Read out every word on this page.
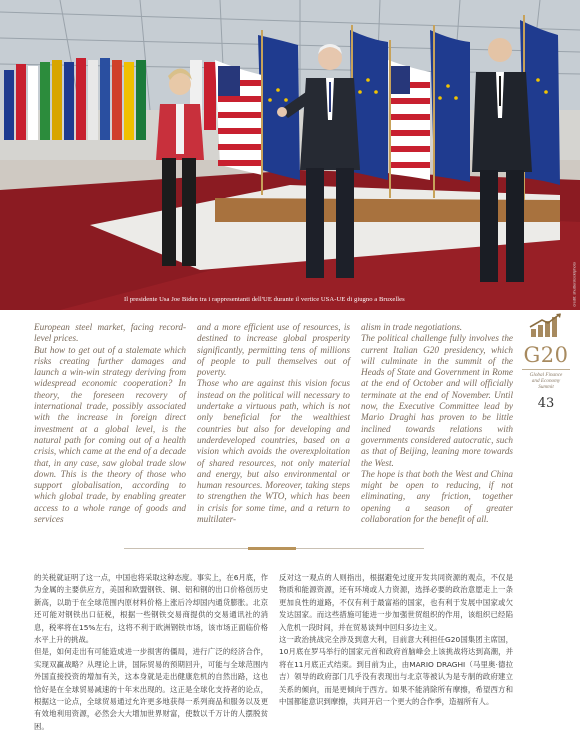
Il presidente Usa Joe Biden tra i rappresentanti dell'UE durante il vertice USA-UE di giugno a Bruxelles	credit: shutterstock/photo

European steel market, facing record-level prices.

But how to get out of a stalemate which risks creating further damages and launch a win-win strategy deriving from widespread economic cooperation? In theory, the foreseen recovery of international trade, possibly associated with the increase in foreign direct investment at a global level, is the natural path for coming out of a health crisis, which came at the end of a decade that, in any case, saw global trade slow down. This is the theory of those who support globalisation, according to which global trade, by enabling greater access to a whole range of goods and services

and a more efficient use of resources, is destined to increase global prosperity significantly, permitting tens of millions of people to pull themselves out of poverty.

Those who are against this vision focus instead on the political will necessary to undertake a virtuous path, which is not only beneficial for the wealthiest countries but also for developing and underdeveloped countries, based on a vision which avoids the overexploitation of shared resources, not only material and energy, but also environmental or human resources. Moreover, taking steps to strengthen the WTO, which has been in crisis for some time, and a return to multilater-

alism in trade negotiations.

The political challenge fully involves the current Italian G20 presidency, which will culminate in the summit of the Heads of State and Government in Rome at the end of October and will officially terminate at the end of November. Until now, the Executive Committee lead by Mario Draghi has proven to be little inclined towards relations with governments considered autocratic, such as that of Beijing, leaning more towards the West.

The hope is that both the West and China might be open to reducing, if not eliminating, any friction, together opening a season of greater collaboration for the benefit of all.

G20
Global Finance
and Economy
Summit
43

的关税就证明了这一点，中国也将采取这种态度。事实上，在6月底，作为金属的主要供应方，美国和欧盟钢铁、铜、铝和钢的出口价格创历史新高，以助于在全球范围内原材料价格上涨后冷却国内通货膨胀。北京还可能对钢铁出口征税，根据一些钢铁交易商提供的交易通讯社的消息，税率将在15%左右，这将不利于欧洲钢铁市场，该市场正面临价格水平上升的挑战。

但是，如何走出有可能造成进一步损害的僵局，进行广泛的经济合作，实现双赢战略？从理论上讲，国际贸易的预期回升，可能与全球范围内外国直接投资的增加有关，这本身就是走出健康危机的自然出路，这也恰好是在全球贸易减速的十年末出现的。这正是全球化支持者的论点，根据这一论点，全球贸易通过允许更多地获得一系列商品和服务以及更有效地利用资源，必然会大大增加世界财富，使数以千万计的人摆脱贫困。

反对这一观点的人则指出，根据避免过度开发共同资源的观点，不仅是物质和能源资源，还有环境或人力资源，选择必要的政治意愿走上一条更加良性的道路，不仅有利于最富裕的国家，也有利于发展中国家或欠发达国家。而这些措施可能进一步加强世贸组织的作用，该组织已经陷入危机一段时间，并在贸易谈判中回归多边主义。

这一政治挑战完全涉及到意大利，目前意大利担任G20国集团主席国，10月底在罗马举行的国家元首和政府首脑峰会上该挑战将达到高潮，并将在11月底正式结束。到目前为止，由MARIO DRAGHI（马里奥·德拉吉）领导的政府部门几乎没有表现出与北京等被认为是专制的政府建立关系的倾向，而是更倾向于西方。如果不能消除所有摩擦，希望西方和中国都能意识到摩擦，共同开启一个更大的合作季，造福所有人。
